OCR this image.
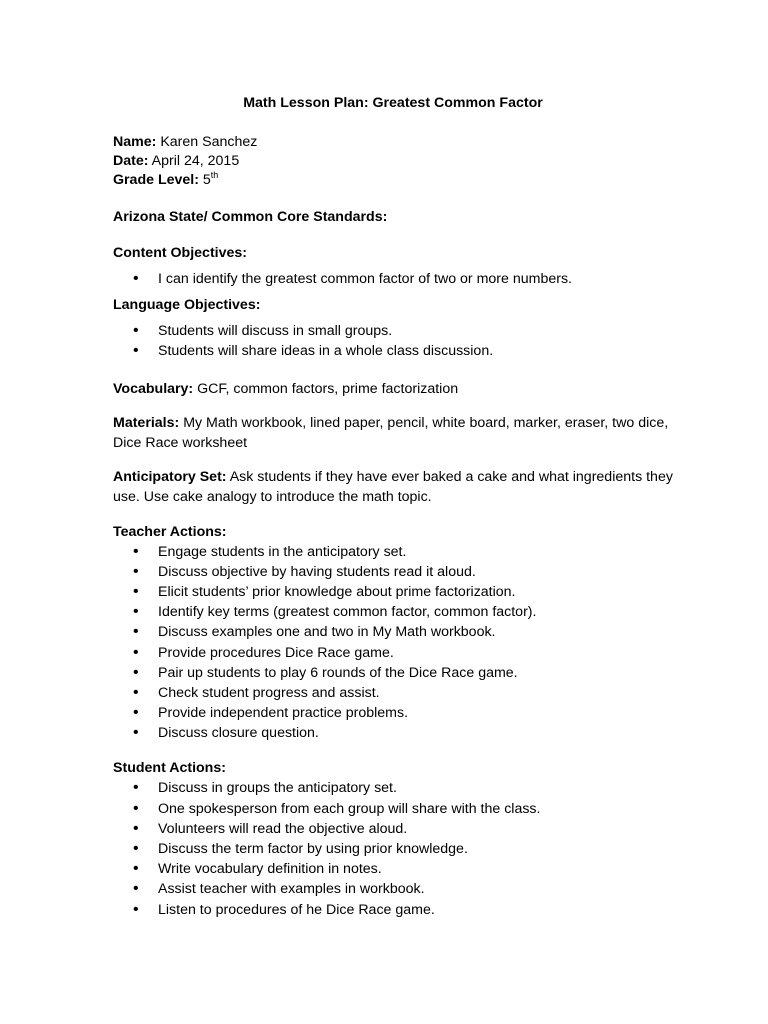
Math Lesson Plan: Greatest Common Factor

Name: Karen Sanchez

Date: April 24, 2015

Grade Level: 5th

Arizona State/ Common Core Standards:

Content Objectives:

• I can identify the greatest common factor of two or more numbers.

Language Objectives:

• Students will discuss in small groups.
• Students will share ideas in a whole class discussion.

Vocabulary: GCF, common factors, prime factorization

Materials: My Math workbook, lined paper, pencil, white board, marker, eraser, two dice, Dice Race worksheet

Anticipatory Set: Ask students if they have ever baked a cake and what ingredients they use. Use cake analogy to introduce the math topic.

Teacher Actions:

• Engage students in the anticipatory set.
• Discuss objective by having students read it aloud.
• Elicit students’ prior knowledge about prime factorization.
• Identify key terms (greatest common factor, common factor).
• Discuss examples one and two in My Math workbook.
• Provide procedures Dice Race game.
• Pair up students to play 6 rounds of the Dice Race game.
• Check student progress and assist.
• Provide independent practice problems.
• Discuss closure question.

Student Actions:

• Discuss in groups the anticipatory set.
• One spokesperson from each group will share with the class.
• Volunteers will read the objective aloud.
• Discuss the term factor by using prior knowledge.
• Write vocabulary definition in notes.
• Assist teacher with examples in workbook.
• Listen to procedures of he Dice Race game.
